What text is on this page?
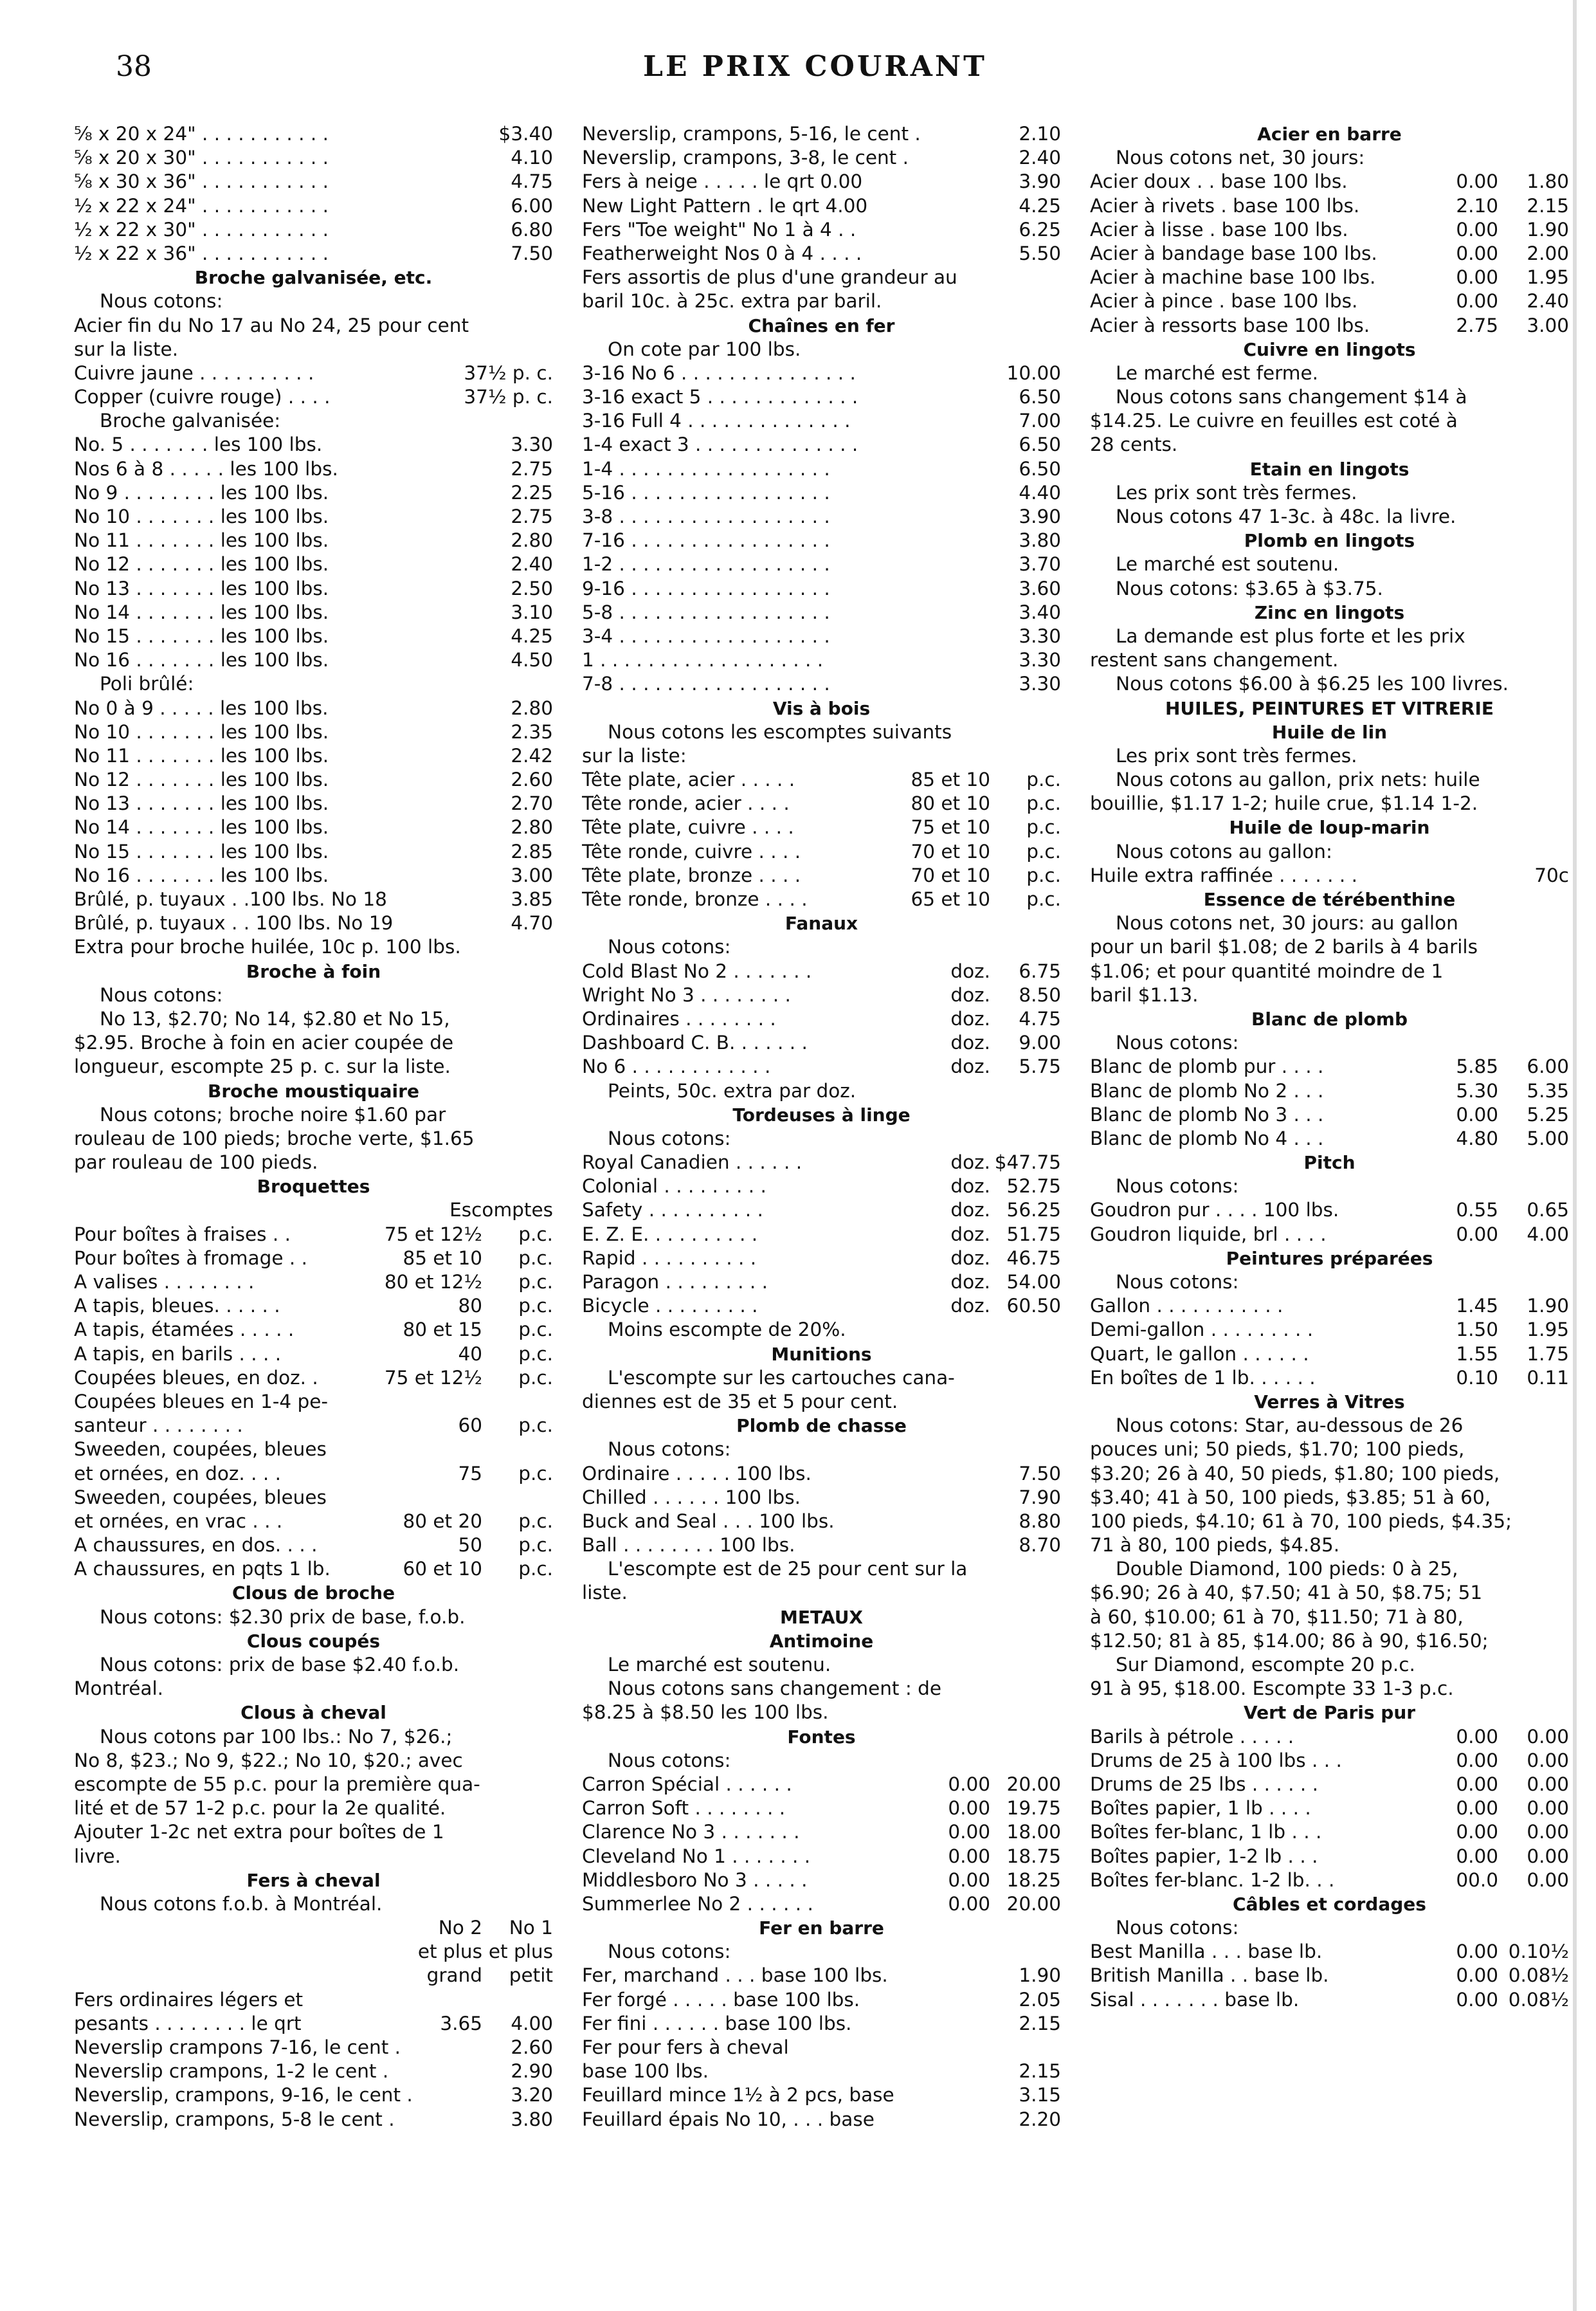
38	LE PRIX COURANT
⅝ x 20 x 24" . . . . . . . . . . .	$3.40
⅝ x 20 x 30" . . . . . . . . . . .	4.10
⅝ x 30 x 36" . . . . . . . . . . .	4.75
½ x 22 x 24" . . . . . . . . . . .	6.00
½ x 22 x 30" . . . . . . . . . . .	6.80
½ x 22 x 36" . . . . . . . . . . .	7.50
Broche galvanisée, etc.
Nous cotons:
Acier fin du No 17 au No 24, 25 pour cent
sur la liste.
Cuivre jaune . . . . . . . . . .	37½ p. c.
Copper (cuivre rouge) . . . .	37½ p. c.
Broche galvanisée:
No. 5 . . . . . . . les 100 lbs.	3.30
Nos 6 à 8 . . . . . les 100 lbs.	2.75
No 9 . . . . . . . . les 100 lbs.	2.25
No 10 . . . . . . . les 100 lbs.	2.75
No 11 . . . . . . . les 100 lbs.	2.80
No 12 . . . . . . . les 100 lbs.	2.40
No 13 . . . . . . . les 100 lbs.	2.50
No 14 . . . . . . . les 100 lbs.	3.10
No 15 . . . . . . . les 100 lbs.	4.25
No 16 . . . . . . . les 100 lbs.	4.50
Poli brûlé:
No 0 à 9 . . . . . les 100 lbs.	2.80
No 10 . . . . . . . les 100 lbs.	2.35
No 11 . . . . . . . les 100 lbs.	2.42
No 12 . . . . . . . les 100 lbs.	2.60
No 13 . . . . . . . les 100 lbs.	2.70
No 14 . . . . . . . les 100 lbs.	2.80
No 15 . . . . . . . les 100 lbs.	2.85
No 16 . . . . . . . les 100 lbs.	3.00
Brûlé, p. tuyaux . .100 lbs. No 18	3.85
Brûlé, p. tuyaux . . 100 lbs. No 19	4.70
Extra pour broche huilée, 10c p. 100 lbs.
Broche à foin
Nous cotons:
No 13, $2.70; No 14, $2.80 et No 15,
$2.95. Broche à foin en acier coupée de
longueur, escompte 25 p. c. sur la liste.
Broche moustiquaire
Nous cotons; broche noire $1.60 par
rouleau de 100 pieds; broche verte, $1.65
par rouleau de 100 pieds.
Broquettes
Escomptes
Pour boîtes à fraises . .	75 et 12½ p.c.
Pour boîtes à fromage . .	85 et 10 p.c.
A valises . . . . . . . .	80 et 12½ p.c.
A tapis, bleues. . . . . .	80 p.c.
A tapis, étamées . . . . .	80 et 15 p.c.
A tapis, en barils . . . .	40 p.c.
Coupées bleues, en doz. .	75 et 12½ p.c.
Coupées bleues en 1-4 pe-
santeur . . . . . . . .	60 p.c.
Sweeden, coupées, bleues
et ornées, en doz. . . .	75 p.c.
Sweeden, coupées, bleues
et ornées, en vrac . . .	80 et 20 p.c.
A chaussures, en dos. . . .	50 p.c.
A chaussures, en pqts 1 lb.	60 et 10 p.c.
Clous de broche
Nous cotons: $2.30 prix de base, f.o.b.
Clous coupés
Nous cotons: prix de base $2.40 f.o.b.
Montréal.
Clous à cheval
Nous cotons par 100 lbs.: No 7, $26.;
No 8, $23.; No 9, $22.; No 10, $20.; avec
escompte de 55 p.c. pour la première qua-
lité et de 57 1-2 p.c. pour la 2e qualité.
Ajouter 1-2c net extra pour boîtes de 1
livre.
Fers à cheval
Nous cotons f.o.b. à Montréal.
No 2 No 1
et plus et plus
grand petit
Fers ordinaires légers et
pesants . . . . . . . . le qrt	3.65 4.00
Neverslip crampons 7-16, le cent .	2.60
Neverslip crampons, 1-2 le cent .	2.90
Neverslip, crampons, 9-16, le cent .	3.20
Neverslip, crampons, 5-8 le cent .	3.80
Neverslip, crampons, 5-16, le cent .	2.10
Neverslip, crampons, 3-8, le cent .	2.40
Fers à neige . . . . . le qrt 0.00	3.90
New Light Pattern . le qrt 4.00	4.25
Fers "Toe weight" No 1 à 4 . .	6.25
Featherweight Nos 0 à 4 . . . .	5.50
Fers assortis de plus d'une grandeur au
baril 10c. à 25c. extra par baril.
Chaînes en fer
On cote par 100 lbs.
3-16 No 6 . . . . . . . . . . . . . . .	10.00
3-16 exact 5 . . . . . . . . . . . . .	6.50
3-16 Full 4 . . . . . . . . . . . . . .	7.00
1-4 exact 3 . . . . . . . . . . . . . .	6.50
1-4 . . . . . . . . . . . . . . . . . .	6.50
5-16 . . . . . . . . . . . . . . . . .	4.40
3-8 . . . . . . . . . . . . . . . . . .	3.90
7-16 . . . . . . . . . . . . . . . . .	3.80
1-2 . . . . . . . . . . . . . . . . . .	3.70
9-16 . . . . . . . . . . . . . . . . .	3.60
5-8 . . . . . . . . . . . . . . . . . .	3.40
3-4 . . . . . . . . . . . . . . . . . .	3.30
1 . . . . . . . . . . . . . . . . . . .	3.30
7-8 . . . . . . . . . . . . . . . . . .	3.30
Vis à bois
Nous cotons les escomptes suivants
sur la liste:
Tête plate, acier . . . . .	85 et 10 p.c.
Tête ronde, acier . . . .	80 et 10 p.c.
Tête plate, cuivre . . . .	75 et 10 p.c.
Tête ronde, cuivre . . . .	70 et 10 p.c.
Tête plate, bronze . . . .	70 et 10 p.c.
Tête ronde, bronze . . . .	65 et 10 p.c.
Fanaux
Nous cotons:
Cold Blast No 2 . . . . . . .	doz. 6.75
Wright No 3 . . . . . . . .	doz. 8.50
Ordinaires . . . . . . . .	doz. 4.75
Dashboard C. B. . . . . . .	doz. 9.00
No 6 . . . . . . . . . . . .	doz. 5.75
Peints, 50c. extra par doz.
Tordeuses à linge
Nous cotons:
Royal Canadien . . . . . .	doz. $47.75
Colonial . . . . . . . . .	doz. 52.75
Safety . . . . . . . . . .	doz. 56.25
E. Z. E. . . . . . . . . .	doz. 51.75
Rapid . . . . . . . . . .	doz. 46.75
Paragon . . . . . . . . .	doz. 54.00
Bicycle . . . . . . . . .	doz. 60.50
Moins escompte de 20%.
Munitions
L'escompte sur les cartouches cana-
diennes est de 35 et 5 pour cent.
Plomb de chasse
Nous cotons:
Ordinaire . . . . . 100 lbs.	7.50
Chilled . . . . . . 100 lbs.	7.90
Buck and Seal . . . 100 lbs.	8.80
Ball . . . . . . . . 100 lbs.	8.70
L'escompte est de 25 pour cent sur la
liste.
METAUX
Antimoine
Le marché est soutenu.
Nous cotons sans changement : de
$8.25 à $8.50 les 100 lbs.
Fontes
Nous cotons:
Carron Spécial . . . . . .	0.00 20.00
Carron Soft . . . . . . . .	0.00 19.75
Clarence No 3 . . . . . . .	0.00 18.00
Cleveland No 1 . . . . . . .	0.00 18.75
Middlesboro No 3 . . . . .	0.00 18.25
Summerlee No 2 . . . . . .	0.00 20.00
Fer en barre
Nous cotons:
Fer, marchand . . . base 100 lbs.	1.90
Fer forgé . . . . . base 100 lbs.	2.05
Fer fini . . . . . . base 100 lbs.	2.15
Fer pour fers à cheval
base 100 lbs.	2.15
Feuillard mince 1½ à 2 pcs, base	3.15
Feuillard épais No 10, . . . base	2.20
Acier en barre
Nous cotons net, 30 jours:
Acier doux . . base 100 lbs.	0.00 1.80
Acier à rivets . base 100 lbs.	2.10 2.15
Acier à lisse . base 100 lbs.	0.00 1.90
Acier à bandage base 100 lbs.	0.00 2.00
Acier à machine base 100 lbs.	0.00 1.95
Acier à pince . base 100 lbs.	0.00 2.40
Acier à ressorts base 100 lbs.	2.75 3.00
Cuivre en lingots
Le marché est ferme.
Nous cotons sans changement $14 à
$14.25. Le cuivre en feuilles est coté à
28 cents.
Etain en lingots
Les prix sont très fermes.
Nous cotons 47 1-3c. à 48c. la livre.
Plomb en lingots
Le marché est soutenu.
Nous cotons: $3.65 à $3.75.
Zinc en lingots
La demande est plus forte et les prix
restent sans changement.
Nous cotons $6.00 à $6.25 les 100 livres.
HUILES, PEINTURES ET VITRERIE
Huile de lin
Les prix sont très fermes.
Nous cotons au gallon, prix nets: huile
bouillie, $1.17 1-2; huile crue, $1.14 1-2.
Huile de loup-marin
Nous cotons au gallon:
Huile extra raffinée . . . . . . .	70c
Essence de térébenthine
Nous cotons net, 30 jours: au gallon
pour un baril $1.08; de 2 barils à 4 barils
$1.06; et pour quantité moindre de 1
baril $1.13.
Blanc de plomb
Nous cotons:
Blanc de plomb pur . . . .	5.85 6.00
Blanc de plomb No 2 . . .	5.30 5.35
Blanc de plomb No 3 . . .	0.00 5.25
Blanc de plomb No 4 . . .	4.80 5.00
Pitch
Nous cotons:
Goudron pur . . . . 100 lbs.	0.55 0.65
Goudron liquide, brl . . . .	0.00 4.00
Peintures préparées
Nous cotons:
Gallon . . . . . . . . . . .	1.45 1.90
Demi-gallon . . . . . . . . .	1.50 1.95
Quart, le gallon . . . . . .	1.55 1.75
En boîtes de 1 lb. . . . . .	0.10 0.11
Verres à Vitres
Nous cotons: Star, au-dessous de 26
pouces uni; 50 pieds, $1.70; 100 pieds,
$3.20; 26 à 40, 50 pieds, $1.80; 100 pieds,
$3.40; 41 à 50, 100 pieds, $3.85; 51 à 60,
100 pieds, $4.10; 61 à 70, 100 pieds, $4.35;
71 à 80, 100 pieds, $4.85.
Double Diamond, 100 pieds: 0 à 25,
$6.90; 26 à 40, $7.50; 41 à 50, $8.75; 51
à 60, $10.00; 61 à 70, $11.50; 71 à 80,
$12.50; 81 à 85, $14.00; 86 à 90, $16.50;
Sur Diamond, escompte 20 p.c.
91 à 95, $18.00. Escompte 33 1-3 p.c.
Vert de Paris pur
Barils à pétrole . . . . .	0.00 0.00
Drums de 25 à 100 lbs . . .	0.00 0.00
Drums de 25 lbs . . . . . .	0.00 0.00
Boîtes papier, 1 lb . . . .	0.00 0.00
Boîtes fer-blanc, 1 lb . . .	0.00 0.00
Boîtes papier, 1-2 lb . . .	0.00 0.00
Boîtes fer-blanc. 1-2 lb. . .	00.0 0.00
Câbles et cordages
Nous cotons:
Best Manilla . . . base lb.	0.00 0.10½
British Manilla . . base lb.	0.00 0.08½
Sisal . . . . . . . base lb.	0.00 0.08½
